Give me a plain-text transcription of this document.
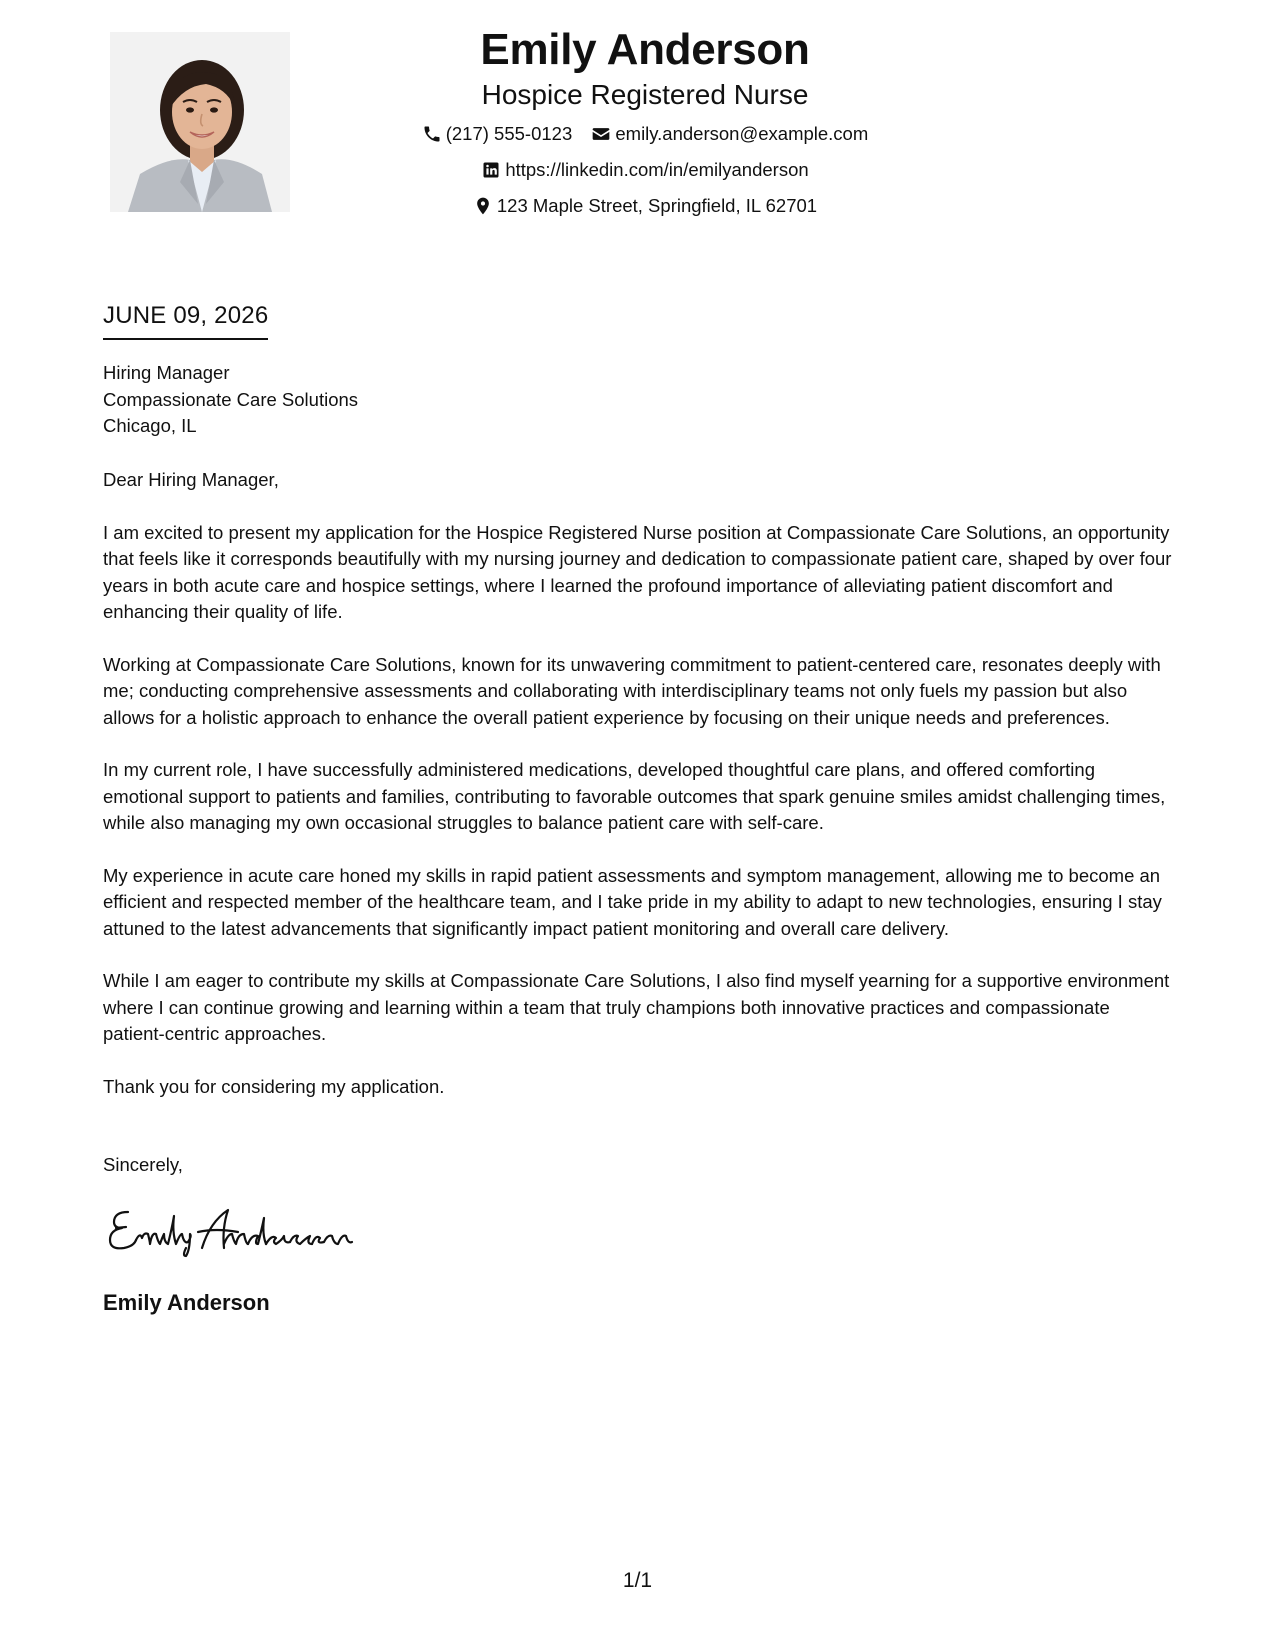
Emily Anderson
Hospice Registered Nurse
(217) 555-0123
emily.anderson@example.com
https://linkedin.com/in/emilyanderson
123 Maple Street, Springfield, IL 62701
JUNE 09, 2026
Hiring Manager
Compassionate Care Solutions
Chicago, IL

Dear Hiring Manager,

I am excited to present my application for the Hospice Registered Nurse position at Compassionate Care Solutions, an opportunity that feels like it corresponds beautifully with my nursing journey and dedication to compassionate patient care, shaped by over four years in both acute care and hospice settings, where I learned the profound importance of alleviating patient discomfort and enhancing their quality of life.

Working at Compassionate Care Solutions, known for its unwavering commitment to patient-centered care, resonates deeply with me; conducting comprehensive assessments and collaborating with interdisciplinary teams not only fuels my passion but also allows for a holistic approach to enhance the overall patient experience by focusing on their unique needs and preferences.

In my current role, I have successfully administered medications, developed thoughtful care plans, and offered comforting emotional support to patients and families, contributing to favorable outcomes that spark genuine smiles amidst challenging times, while also managing my own occasional struggles to balance patient care with self-care.

My experience in acute care honed my skills in rapid patient assessments and symptom management, allowing me to become an efficient and respected member of the healthcare team, and I take pride in my ability to adapt to new technologies, ensuring I stay attuned to the latest advancements that significantly impact patient monitoring and overall care delivery.

While I am eager to contribute my skills at Compassionate Care Solutions, I also find myself yearning for a supportive environment where I can continue growing and learning within a team that truly champions both innovative practices and compassionate patient-centric approaches.

Thank you for considering my application.

Sincerely,
Emily Anderson
1/1
